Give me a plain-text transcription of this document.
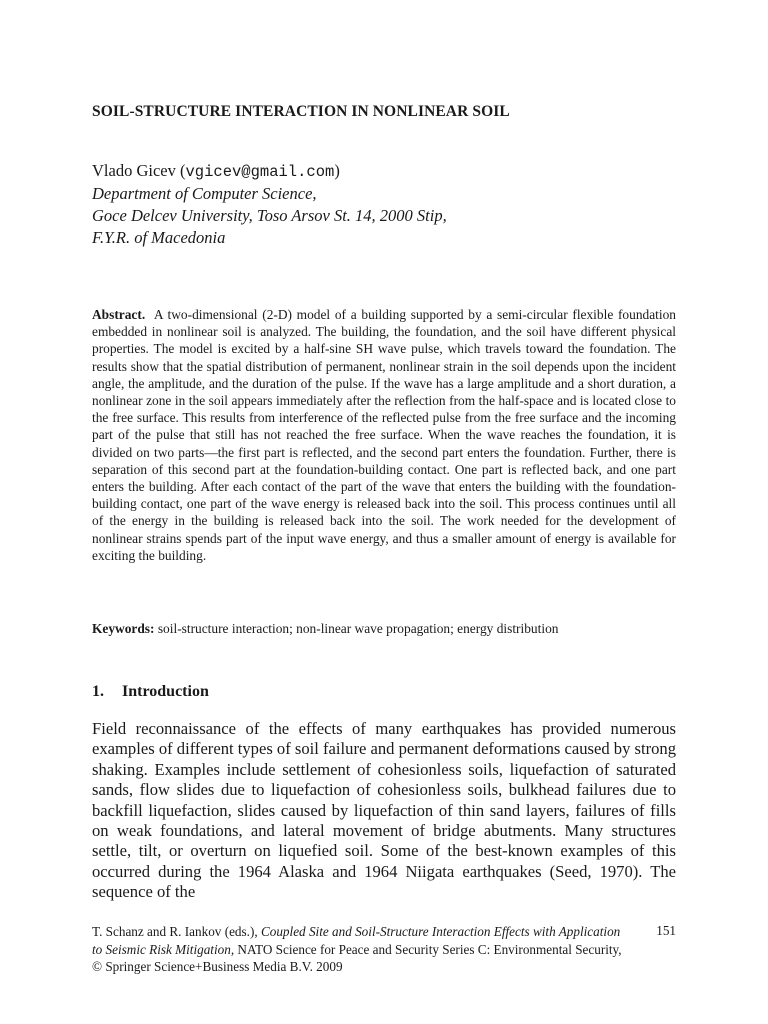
SOIL-STRUCTURE INTERACTION IN NONLINEAR SOIL
Vlado Gicev (vgicev@gmail.com)
Department of Computer Science,
Goce Delcev University, Toso Arsov St. 14, 2000 Stip,
F.Y.R. of Macedonia

Abstract. A two-dimensional (2-D) model of a building supported by a semi-circular flexible foundation embedded in nonlinear soil is analyzed. The building, the foundation, and the soil have different physical properties. The model is excited by a half-sine SH wave pulse, which travels toward the foundation. The results show that the spatial distribution of permanent, nonlinear strain in the soil depends upon the incident angle, the amplitude, and the duration of the pulse. If the wave has a large amplitude and a short duration, a nonlinear zone in the soil appears immediately after the reflection from the half-space and is located close to the free surface. This results from interference of the reflected pulse from the free surface and the incoming part of the pulse that still has not reached the free surface. When the wave reaches the foundation, it is divided on two parts—the first part is reflected, and the second part enters the foundation. Further, there is separation of this second part at the foundation-building contact. One part is reflected back, and one part enters the building. After each contact of the part of the wave that enters the building with the foundation-building contact, one part of the wave energy is released back into the soil. This process continues until all of the energy in the building is released back into the soil. The work needed for the development of nonlinear strains spends part of the input wave energy, and thus a smaller amount of energy is available for exciting the building.

Keywords: soil-structure interaction; non-linear wave propagation; energy distribution

1. Introduction

Field reconnaissance of the effects of many earthquakes has provided numerous examples of different types of soil failure and permanent deformations caused by strong shaking. Examples include settlement of cohesionless soils, liquefaction of saturated sands, flow slides due to liquefaction of cohesionless soils, bulkhead failures due to backfill liquefaction, slides caused by liquefaction of thin sand layers, failures of fills on weak foundations, and lateral movement of bridge abutments. Many structures settle, tilt, or overturn on liquefied soil. Some of the best-known examples of this occurred during the 1964 Alaska and 1964 Niigata earthquakes (Seed, 1970). The sequence of the

T. Schanz and R. Iankov (eds.), Coupled Site and Soil-Structure Interaction Effects with Application to Seismic Risk Mitigation, NATO Science for Peace and Security Series C: Environmental Security, © Springer Science+Business Media B.V. 2009

151
